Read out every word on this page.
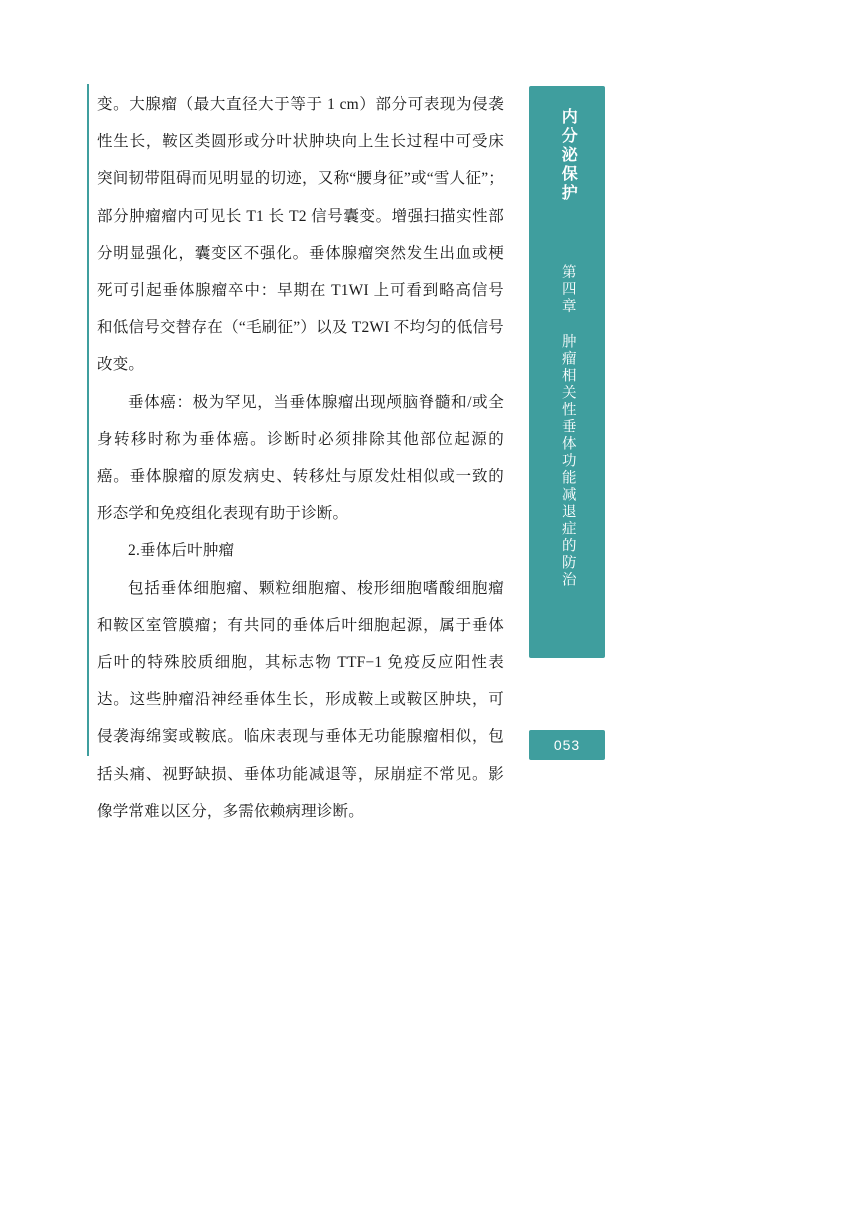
变。大腺瘤（最大直径大于等于 1 cm）部分可表现为侵袭性生长，鞍区类圆形或分叶状肿块向上生长过程中可受床突间韧带阻碍而见明显的切迹，又称“腰身征”或“雪人征”；部分肿瘤瘤内可见长 T1 长 T2 信号囊变。增强扫描实性部分明显强化，囊变区不强化。垂体腺瘤突然发生出血或梗死可引起垂体腺瘤卒中：早期在 T1WI 上可看到略高信号和低信号交替存在（“毛刷征”）以及 T2WI 不均匀的低信号改变。

垂体癌：极为罕见，当垂体腺瘤出现颅脑脊髓和/或全身转移时称为垂体癌。诊断时必须排除其他部位起源的癌。垂体腺瘤的原发病史、转移灶与原发灶相似或一致的形态学和免疫组化表现有助于诊断。

2.垂体后叶肿瘤

包括垂体细胞瘤、颗粒细胞瘤、梭形细胞嗜酸细胞瘤和鞍区室管膜瘤；有共同的垂体后叶细胞起源，属于垂体后叶的特殊胶质细胞，其标志物 TTF−1 免疫反应阳性表达。这些肿瘤沿神经垂体生长，形成鞍上或鞍区肿块，可侵袭海绵窦或鞍底。临床表现与垂体无功能腺瘤相似，包括头痛、视野缺损、垂体功能减退等，尿崩症不常见。影像学常难以区分，多需依赖病理诊断。

内分泌保护
第四章 肿瘤相关性垂体功能减退症的防治
053
